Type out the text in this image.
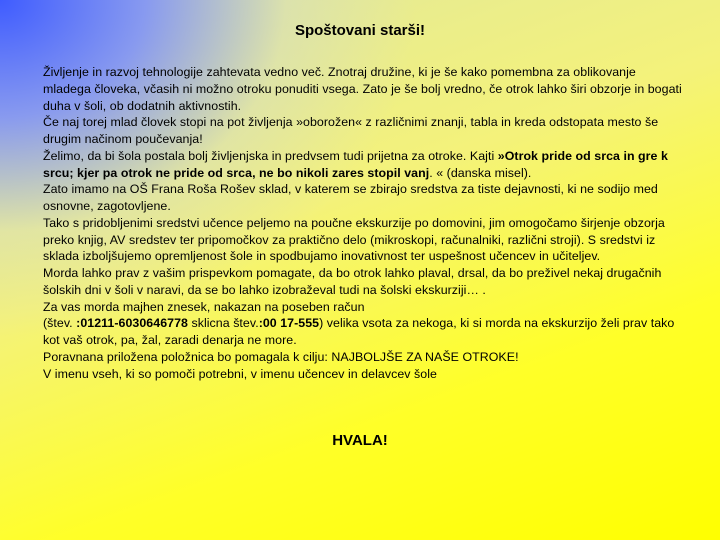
Spoštovani starši!

Življenje in razvoj tehnologije zahtevata vedno več. Znotraj družine, ki je še kako pomembna za oblikovanje mladega človeka, včasih ni možno otroku ponuditi vsega. Zato je še bolj vredno, če otrok lahko širi obzorje in bogati duha v šoli, ob dodatnih aktivnostih.

Če naj torej mlad človek stopi na pot življenja »oborožen« z različnimi znanji, tabla in kreda odstopata mesto še drugim načinom poučevanja!

Želimo, da bi šola postala bolj življenjska in predvsem tudi prijetna za otroke. Kajti »Otrok pride od srca in gre k srcu; kjer pa otrok ne pride od srca, ne bo nikoli zares stopil vanj. « (danska misel).

Zato imamo na OŠ Frana Roša Rošev sklad, v katerem se zbirajo sredstva za tiste dejavnosti, ki ne sodijo med osnovne, zagotovljene.

Tako s pridobljenimi sredstvi učence peljemo na poučne ekskurzije po domovini, jim omogočamo širjenje obzorja preko knjig, AV sredstev ter pripomočkov za praktično delo (mikroskopi, računalniki, različni stroji). S sredstvi iz sklada izboljšujemo opremljenost šole in spodbujamo inovativnost ter uspešnost učencev in učiteljev.

Morda lahko prav z vašim prispevkom pomagate, da bo otrok lahko plaval, drsal, da bo preživel nekaj drugačnih šolskih dni v šoli v naravi, da se bo lahko izobraževal tudi na šolski ekskurziji… .

Za vas morda majhen znesek, nakazan na poseben račun

(štev. :01211-6030646778 sklicna štev.:00 17-555) velika vsota za nekoga, ki si morda na ekskurzijo želi prav tako kot vaš otrok, pa, žal, zaradi denarja ne more.

Poravnana priložena položnica bo pomagala k cilju: NAJBOLJŠE ZA NAŠE OTROKE!

V imenu vseh, ki so pomoči potrebni, v imenu učencev in delavcev šole

HVALA!
